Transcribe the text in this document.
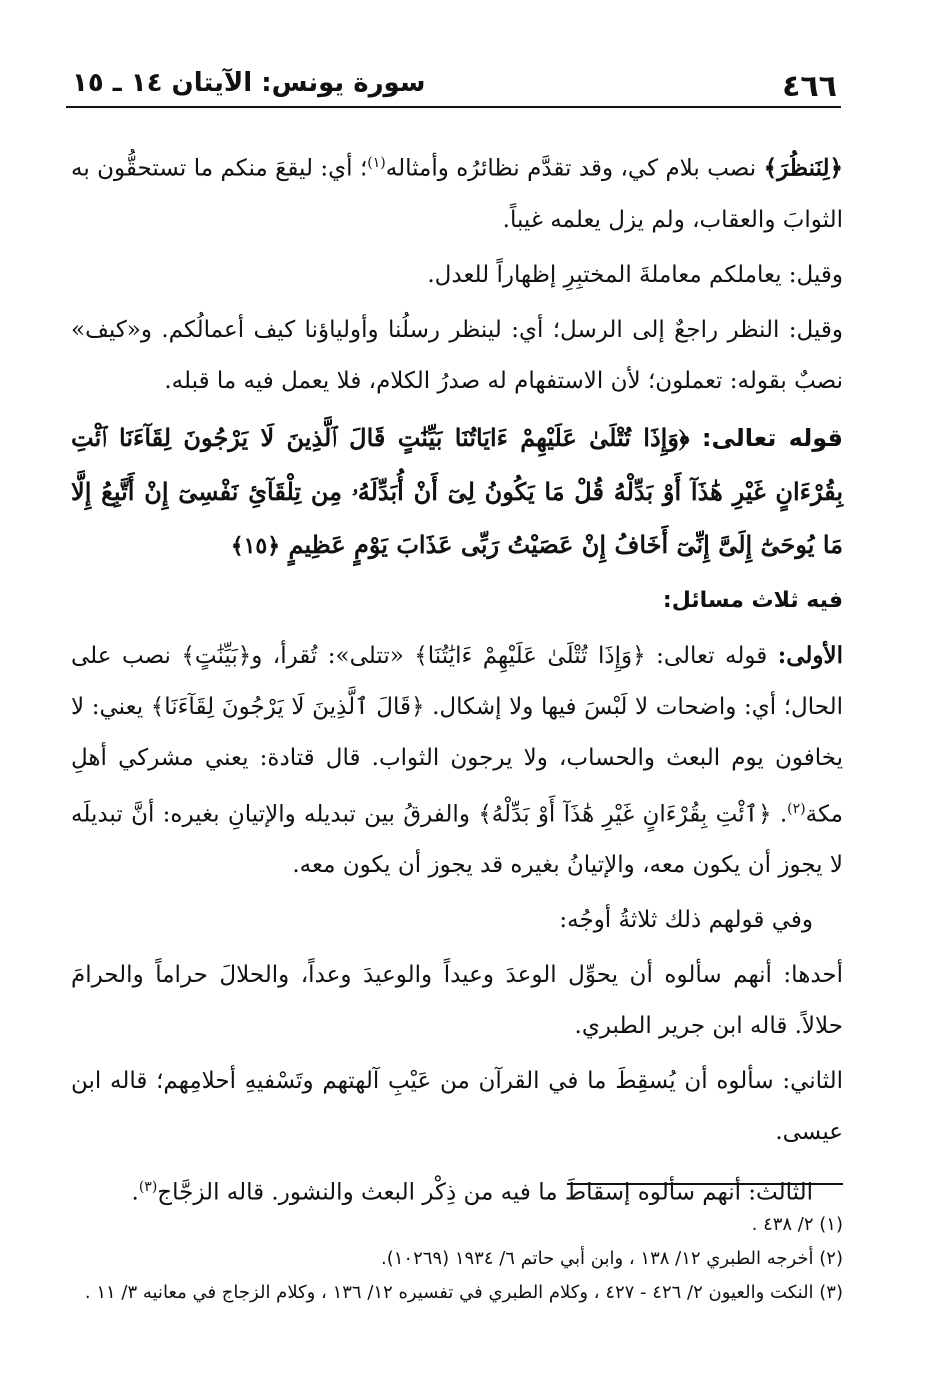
٤٦٦
سورة يونس: الآيتان ١٤ ـ ١٥

﴿لِنَنظُرَ﴾ نصب بلام كي، وقد تقدَّم نظائرُه وأمثاله$^{(١)}$؛ أي: ليقعَ منكم ما تستحقُّون به الثوابَ والعقاب، ولم يزل يعلمه غيباً.

وقيل: يعاملكم معاملةَ المختبِرِ إظهاراً للعدل.

وقيل: النظر راجعٌ إلى الرسل؛ أي: لينظر رسلُنا وأولياؤنا كيف أعمالُكم. و«كيف» نصبٌ بقوله: تعملون؛ لأن الاستفهام له صدرُ الكلام، فلا يعمل فيه ما قبله.

قوله تعالى: ﴿وَإِذَا تُتْلَىٰ عَلَيْهِمْ ءَايَاتُنَا بَيِّنَٰتٍ قَالَ ٱلَّذِينَ لَا يَرْجُونَ لِقَآءَنَا ٱئْتِ بِقُرْءَانٍ غَيْرِ هَٰذَآ أَوْ بَدِّلْهُ قُلْ مَا يَكُونُ لِىٓ أَنْ أُبَدِّلَهُۥ مِن تِلْقَآئِ نَفْسِىٓ إِنْ أَتَّبِعُ إِلَّا مَا يُوحَىٰٓ إِلَىَّ إِنِّىٓ أَخَافُ إِنْ عَصَيْتُ رَبِّى عَذَابَ يَوْمٍ عَظِيمٍ ﴿١٥﴾

فيه ثلاث مسائل:

الأولى: قوله تعالى: ﴿وَإِذَا تُتْلَىٰ عَلَيْهِمْ ءَايَٰتُنَا﴾ «تتلى»: تُقرأ، و﴿بَيِّنَٰتٍ﴾ نصب على الحال؛ أي: واضحات لا لَبْسَ فيها ولا إشكال. ﴿قَالَ ٱلَّذِينَ لَا يَرْجُونَ لِقَآءَنَا﴾ يعني: لا يخافون يوم البعث والحساب، ولا يرجون الثواب. قال قتادة: يعني مشركي أهلِ مكة$^{(٢)}$. ﴿ٱئْتِ بِقُرْءَانٍ غَيْرِ هَٰذَآ أَوْ بَدِّلْهُ﴾ والفرقُ بين تبديله والإتيانِ بغيره: أنَّ تبديلَه لا يجوز أن يكون معه، والإتيانُ بغيره قد يجوز أن يكون معه.

وفي قولهم ذلك ثلاثةُ أوجُه:

أحدها: أنهم سألوه أن يحوِّل الوعدَ وعيداً والوعيدَ وعداً، والحلالَ حراماً والحرامَ حلالاً. قاله ابن جرير الطبري.

الثاني: سألوه أن يُسقِطَ ما في القرآن من عَيْبِ آلهتهم وتَسْفيهِ أحلامِهم؛ قاله ابن عيسى.

الثالث: أنهم سألوه إسقاطَ ما فيه من ذِكْر البعث والنشور. قاله الزجَّاج$^{(٣)}$.

(١) ٢/ ٤٣٨ .

(٢) أخرجه الطبري ١٢/ ١٣٨ ، وابن أبي حاتم ٦/ ١٩٣٤ (١٠٢٦٩).

(٣) النكت والعيون ٢/ ٤٢٦ - ٤٢٧ ، وكلام الطبري في تفسيره ١٢/ ١٣٦ ، وكلام الزجاج في معانيه ٣/ ١١ .
